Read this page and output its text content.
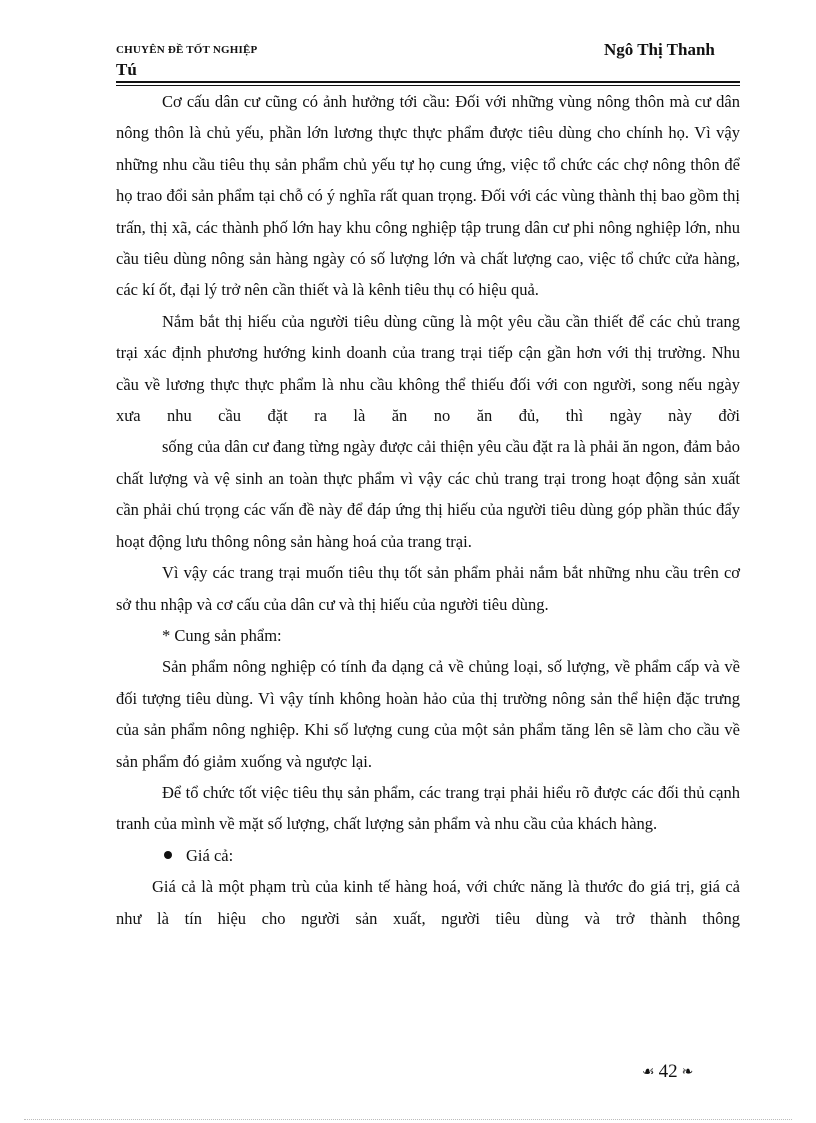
CHUYÊN ĐỀ TỐT NGHIỆP
Tú
Ngô Thị Thanh

Cơ cấu dân cư cũng có ảnh hưởng tới cầu: Đối với những vùng nông thôn mà cư dân nông thôn là chủ yếu, phần lớn lương thực thực phẩm được tiêu dùng cho chính họ. Vì vậy những nhu cầu tiêu thụ sản phẩm chủ yếu tự họ cung ứng, việc tổ chức các chợ nông thôn để họ trao đổi sản phẩm tại chỗ có ý nghĩa rất quan trọng. Đối với các vùng thành thị bao gồm thị trấn, thị xã, các thành phố lớn hay khu công nghiệp tập trung dân cư phi nông nghiệp lớn, nhu cầu tiêu dùng nông sản hàng ngày có số lượng lớn và chất lượng cao, việc tổ chức cửa hàng, các kí ốt, đại lý trở nên cần thiết và là kênh tiêu thụ có hiệu quả.

Nắm bắt thị hiếu của người tiêu dùng cũng là một yêu cầu cần thiết để các chủ trang trại xác định phương hướng kinh doanh của trang trại tiếp cận gần hơn với thị trường. Nhu cầu về lương thực thực phẩm là nhu cầu không thể thiếu đối với con người, song nếu ngày xưa nhu cầu đặt ra là ăn no ăn đủ, thì ngày này đời

sống của dân cư đang từng ngày được cải thiện yêu cầu đặt ra là phải ăn ngon, đảm bảo chất lượng và vệ sinh an toàn thực phẩm vì vậy các chủ trang trại trong hoạt động sản xuất cần phải chú trọng các vấn đề này để đáp ứng thị hiếu của người tiêu dùng góp phần thúc đẩy hoạt động lưu thông nông sản hàng hoá của trang trại.

Vì vậy các trang trại muốn tiêu thụ tốt sản phẩm phải nắm bắt những nhu cầu trên cơ sở thu nhập và cơ cấu của dân cư và thị hiếu của người tiêu dùng.

* Cung sản phẩm:

Sản phẩm nông nghiệp có tính đa dạng cả về chủng loại, số lượng, về phẩm cấp và về đối tượng tiêu dùng. Vì vậy tính không hoàn hảo của thị trường nông sản thể hiện đặc trưng của sản phẩm nông nghiệp. Khi số lượng cung của một sản phẩm tăng lên sẽ làm cho cầu về sản phẩm đó giảm xuống và ngược lại.

Để tổ chức tốt việc tiêu thụ sản phẩm, các trang trại phải hiểu rõ được các đối thủ cạnh tranh của mình về mặt số lượng, chất lượng sản phẩm và nhu cầu của khách hàng.

Giá cả:

Giá cả là một phạm trù của kinh tế hàng hoá, với chức năng là thước đo giá trị, giá cả như là tín hiệu cho người sản xuất, người tiêu dùng và trở thành thông

☙ 42 ❧
